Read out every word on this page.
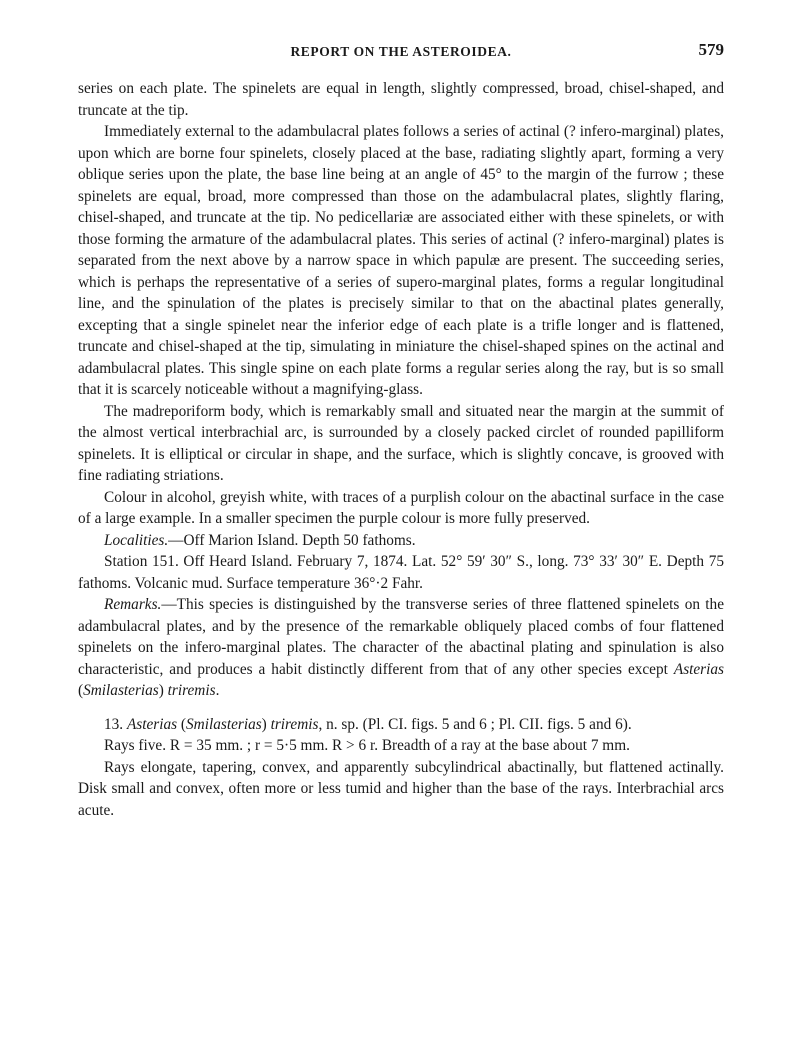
REPORT ON THE ASTEROIDEA.	579

series on each plate. The spinelets are equal in length, slightly compressed, broad, chisel-shaped, and truncate at the tip.

Immediately external to the adambulacral plates follows a series of actinal (? infero-marginal) plates, upon which are borne four spinelets, closely placed at the base, radiating slightly apart, forming a very oblique series upon the plate, the base line being at an angle of 45° to the margin of the furrow ; these spinelets are equal, broad, more compressed than those on the adambulacral plates, slightly flaring, chisel-shaped, and truncate at the tip. No pedicellariæ are associated either with these spinelets, or with those forming the armature of the adambulacral plates. This series of actinal (? infero-marginal) plates is separated from the next above by a narrow space in which papulæ are present. The succeeding series, which is perhaps the representative of a series of supero-marginal plates, forms a regular longitudinal line, and the spinulation of the plates is precisely similar to that on the abactinal plates generally, excepting that a single spinelet near the inferior edge of each plate is a trifle longer and is flattened, truncate and chisel-shaped at the tip, simulating in miniature the chisel-shaped spines on the actinal and adambulacral plates. This single spine on each plate forms a regular series along the ray, but is so small that it is scarcely noticeable without a magnifying-glass.

The madreporiform body, which is remarkably small and situated near the margin at the summit of the almost vertical interbrachial arc, is surrounded by a closely packed circlet of rounded papilliform spinelets. It is elliptical or circular in shape, and the surface, which is slightly concave, is grooved with fine radiating striations.

Colour in alcohol, greyish white, with traces of a purplish colour on the abactinal surface in the case of a large example. In a smaller specimen the purple colour is more fully preserved.

Localities.—Off Marion Island. Depth 50 fathoms.

Station 151. Off Heard Island. February 7, 1874. Lat. 52° 59′ 30″ S., long. 73° 33′ 30″ E. Depth 75 fathoms. Volcanic mud. Surface temperature 36°·2 Fahr.

Remarks.—This species is distinguished by the transverse series of three flattened spinelets on the adambulacral plates, and by the presence of the remarkable obliquely placed combs of four flattened spinelets on the infero-marginal plates. The character of the abactinal plating and spinulation is also characteristic, and produces a habit distinctly different from that of any other species except Asterias (Smilasterias) triremis.

13. Asterias (Smilasterias) triremis, n. sp. (Pl. CI. figs. 5 and 6 ; Pl. CII. figs. 5 and 6).

Rays five. R = 35 mm. ; r = 5·5 mm. R > 6 r. Breadth of a ray at the base about 7 mm.

Rays elongate, tapering, convex, and apparently subcylindrical abactinally, but flattened actinally. Disk small and convex, often more or less tumid and higher than the base of the rays. Interbrachial arcs acute.
